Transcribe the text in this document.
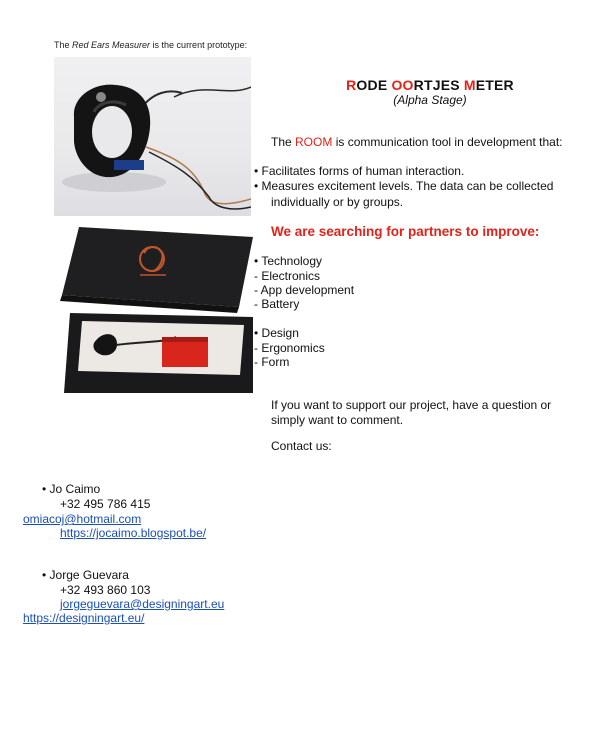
The Red Ears Measurer is the current prototype:
RODE OORTJES METER
(Alpha Stage)
The ROOM is communication tool in development that:
• Facilitates forms of human interaction.
• Measures excitement levels. The data can be collected
individually or by groups.
We are searching for partners to improve:
• Technology
- Electronics
- App development
- Battery
• Design
- Ergonomics
- Form
If you want to support our project, have a question or simply want to comment.
Contact us:
• Jo Caimo
+32 495 786 415
omiacoj@hotmail.com
https://jocaimo.blogspot.be/
• Jorge Guevara
+32 493 860 103
jorgeguevara@designingart.eu
https://designingart.eu/
